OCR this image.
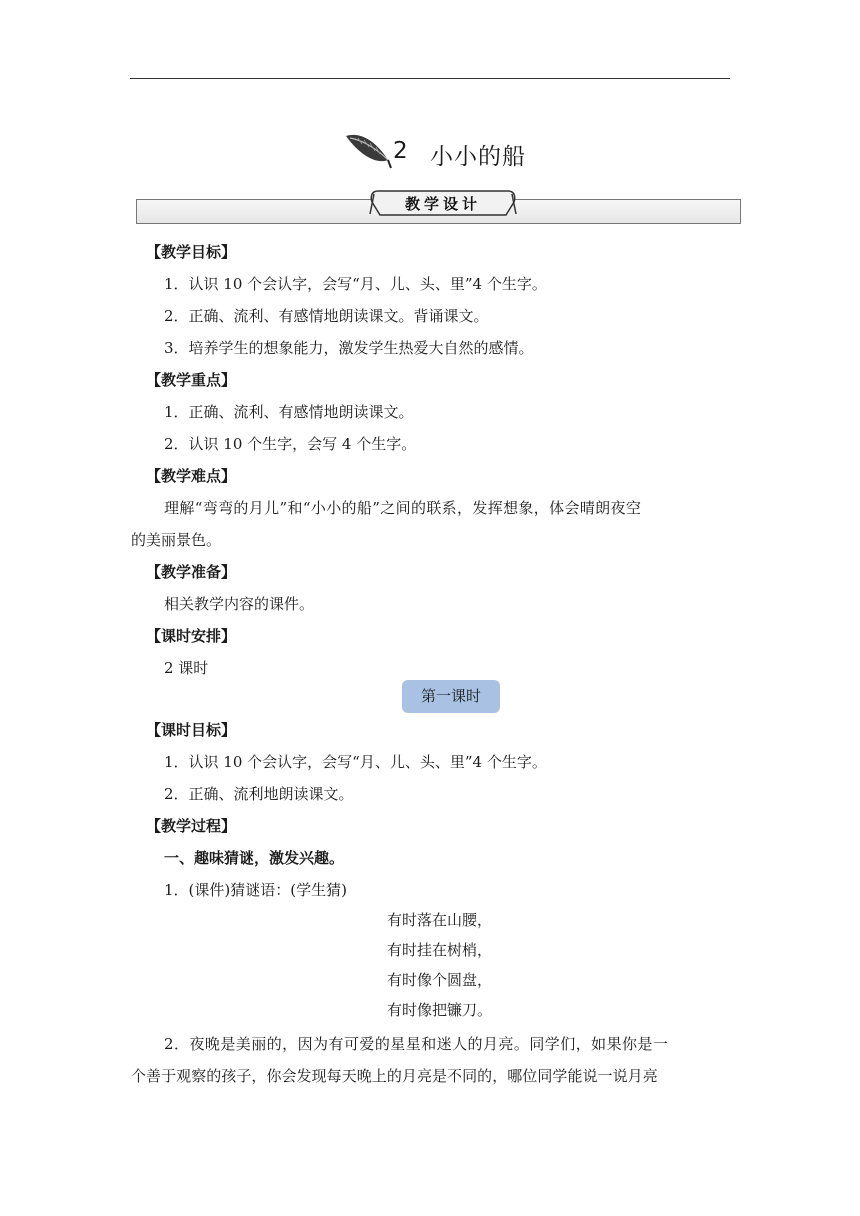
2 小小的船
教学设计
【教学目标】
1．认识 10 个会认字，会写“月、儿、头、里”4 个生字。
2．正确、流利、有感情地朗读课文。背诵课文。
3．培养学生的想象能力，激发学生热爱大自然的感情。
【教学重点】
1．正确、流利、有感情地朗读课文。
2．认识 10 个生字，会写 4 个生字。
【教学难点】
理解“弯弯的月儿”和“小小的船”之间的联系，发挥想象，体会晴朗夜空
的美丽景色。
【教学准备】
相关教学内容的课件。
【课时安排】
2 课时
第一课时
【课时目标】
1．认识 10 个会认字，会写“月、儿、头、里”4 个生字。
2．正确、流利地朗读课文。
【教学过程】
一、趣味猜谜，激发兴趣。
1．(课件)猜谜语：(学生猜)
有时落在山腰，
有时挂在树梢，
有时像个圆盘，
有时像把镰刀。
2．夜晚是美丽的，因为有可爱的星星和迷人的月亮。同学们，如果你是一
个善于观察的孩子，你会发现每天晚上的月亮是不同的，哪位同学能说一说月亮
